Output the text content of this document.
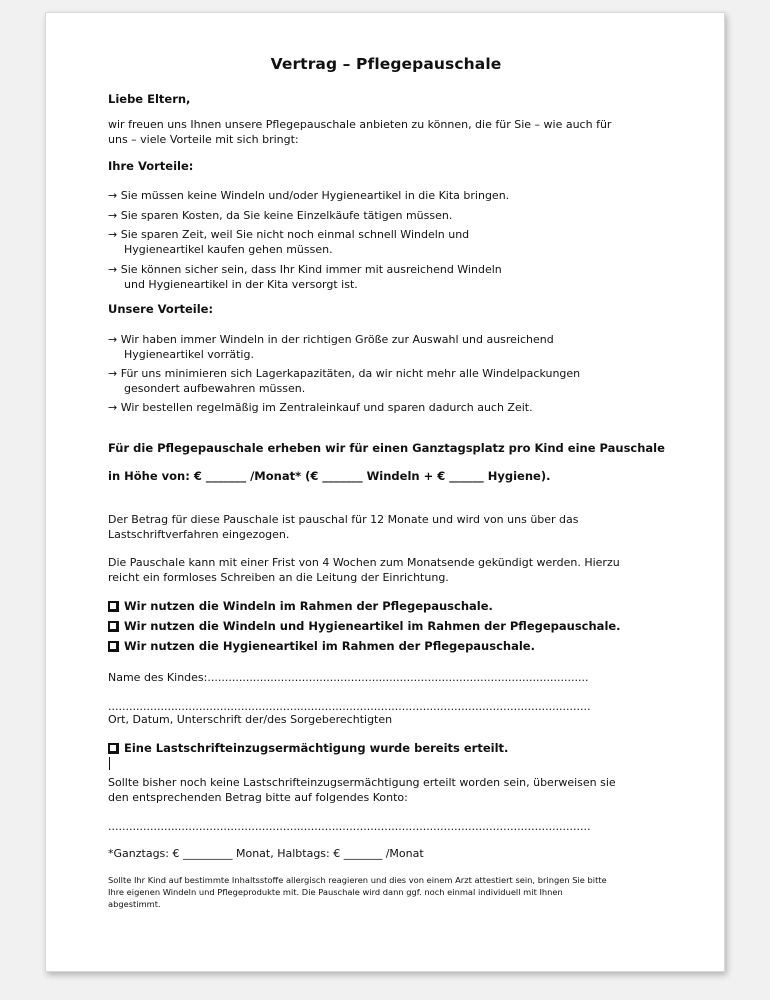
Vertrag – Pflegepauschale
Liebe Eltern,
wir freuen uns Ihnen unsere Pflegepauschale anbieten zu können, die für Sie – wie auch für
uns – viele Vorteile mit sich bringt:
Ihre Vorteile:
→ Sie müssen keine Windeln und/oder Hygieneartikel in die Kita bringen.
→ Sie sparen Kosten, da Sie keine Einzelkäufe tätigen müssen.
→ Sie sparen Zeit, weil Sie nicht noch einmal schnell Windeln und
Hygieneartikel kaufen gehen müssen.
→ Sie können sicher sein, dass Ihr Kind immer mit ausreichend Windeln
und Hygieneartikel in der Kita versorgt ist.
Unsere Vorteile:
→ Wir haben immer Windeln in der richtigen Größe zur Auswahl und ausreichend
Hygieneartikel vorrätig.
→ Für uns minimieren sich Lagerkapazitäten, da wir nicht mehr alle Windelpackungen
gesondert aufbewahren müssen.
→ Wir bestellen regelmäßig im Zentraleinkauf und sparen dadurch auch Zeit.
Für die Pflegepauschale erheben wir für einen Ganztagsplatz pro Kind eine Pauschale
in Höhe von: € _______ /Monat* (€ _______ Windeln + € ______ Hygiene).
Der Betrag für diese Pauschale ist pauschal für 12 Monate und wird von uns über das
Lastschriftverfahren eingezogen.
Die Pauschale kann mit einer Frist von 4 Wochen zum Monatsende gekündigt werden. Hierzu
reicht ein formloses Schreiben an die Leitung der Einrichtung.
Wir nutzen die Windeln im Rahmen der Pflegepauschale.
Wir nutzen die Windeln und Hygieneartikel im Rahmen der Pflegepauschale.
Wir nutzen die Hygieneartikel im Rahmen der Pflegepauschale.
Name des Kindes:.............................................................................................................
..........................................................................................................................................
Ort, Datum, Unterschrift der/des Sorgeberechtigten
Eine Lastschrifteinzugsermächtigung wurde bereits erteilt.
Sollte bisher noch keine Lastschrifteinzugsermächtigung erteilt worden sein, überweisen sie
den entsprechenden Betrag bitte auf folgendes Konto:
..........................................................................................................................................
*Ganztags: € _________ Monat, Halbtags: € _______ /Monat
Sollte Ihr Kind auf bestimmte Inhaltsstoffe allergisch reagieren und dies von einem Arzt attestiert sein, bringen Sie bitte
Ihre eigenen Windeln und Pflegeprodukte mit. Die Pauschale wird dann ggf. noch einmal individuell mit Ihnen
abgestimmt.
